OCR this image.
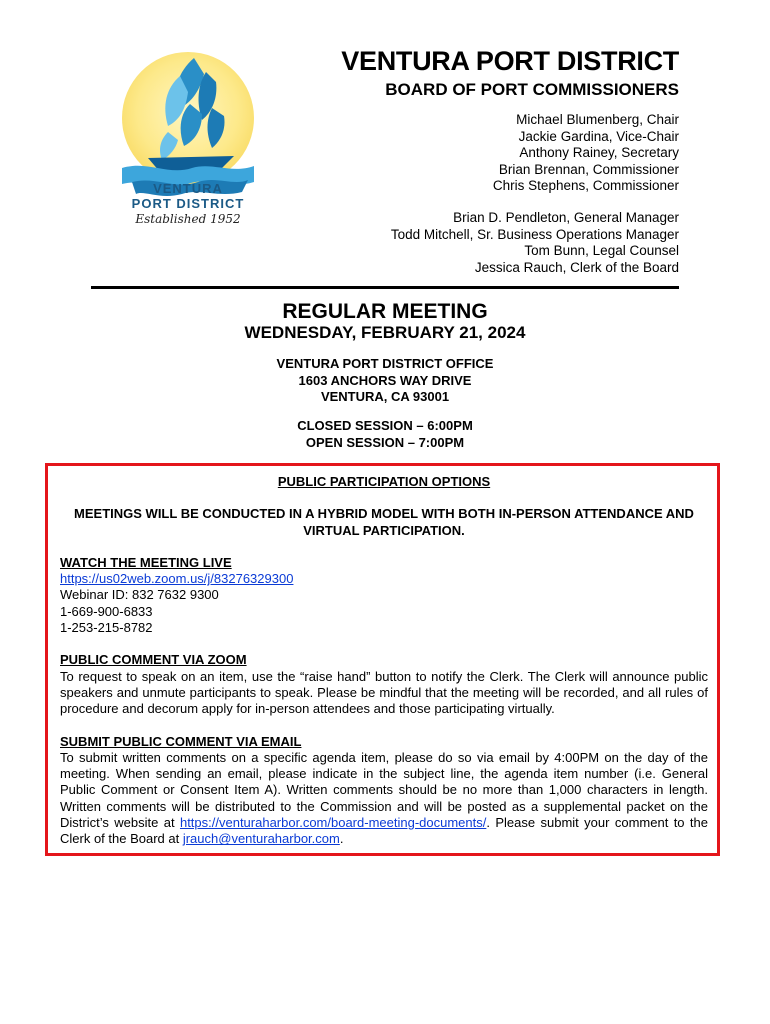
VENTURA
PORT DISTRICT
Established 1952
VENTURA PORT DISTRICT
BOARD OF PORT COMMISSIONERS
Michael Blumenberg, Chair
Jackie Gardina, Vice-Chair
Anthony Rainey, Secretary
Brian Brennan, Commissioner
Chris Stephens, Commissioner
Brian D. Pendleton, General Manager
Todd Mitchell, Sr. Business Operations Manager
Tom Bunn, Legal Counsel
Jessica Rauch, Clerk of the Board
REGULAR MEETING
WEDNESDAY, FEBRUARY 21, 2024
VENTURA PORT DISTRICT OFFICE
1603 ANCHORS WAY DRIVE
VENTURA, CA 93001
CLOSED SESSION – 6:00PM
OPEN SESSION – 7:00PM
PUBLIC PARTICIPATION OPTIONS
MEETINGS WILL BE CONDUCTED IN A HYBRID MODEL WITH BOTH IN-PERSON ATTENDANCE AND VIRTUAL PARTICIPATION.
WATCH THE MEETING LIVE
https://us02web.zoom.us/j/83276329300
Webinar ID: 832 7632 9300
1-669-900-6833
1-253-215-8782
PUBLIC COMMENT VIA ZOOM
To request to speak on an item, use the “raise hand” button to notify the Clerk. The Clerk will announce public speakers and unmute participants to speak. Please be mindful that the meeting will be recorded, and all rules of procedure and decorum apply for in-person attendees and those participating virtually.
SUBMIT PUBLIC COMMENT VIA EMAIL
To submit written comments on a specific agenda item, please do so via email by 4:00PM on the day of the meeting. When sending an email, please indicate in the subject line, the agenda item number (i.e. General Public Comment or Consent Item A). Written comments should be no more than 1,000 characters in length. Written comments will be distributed to the Commission and will be posted as a supplemental packet on the District’s website at https://venturaharbor.com/board-meeting-documents/. Please submit your comment to the Clerk of the Board at jrauch@venturaharbor.com.
